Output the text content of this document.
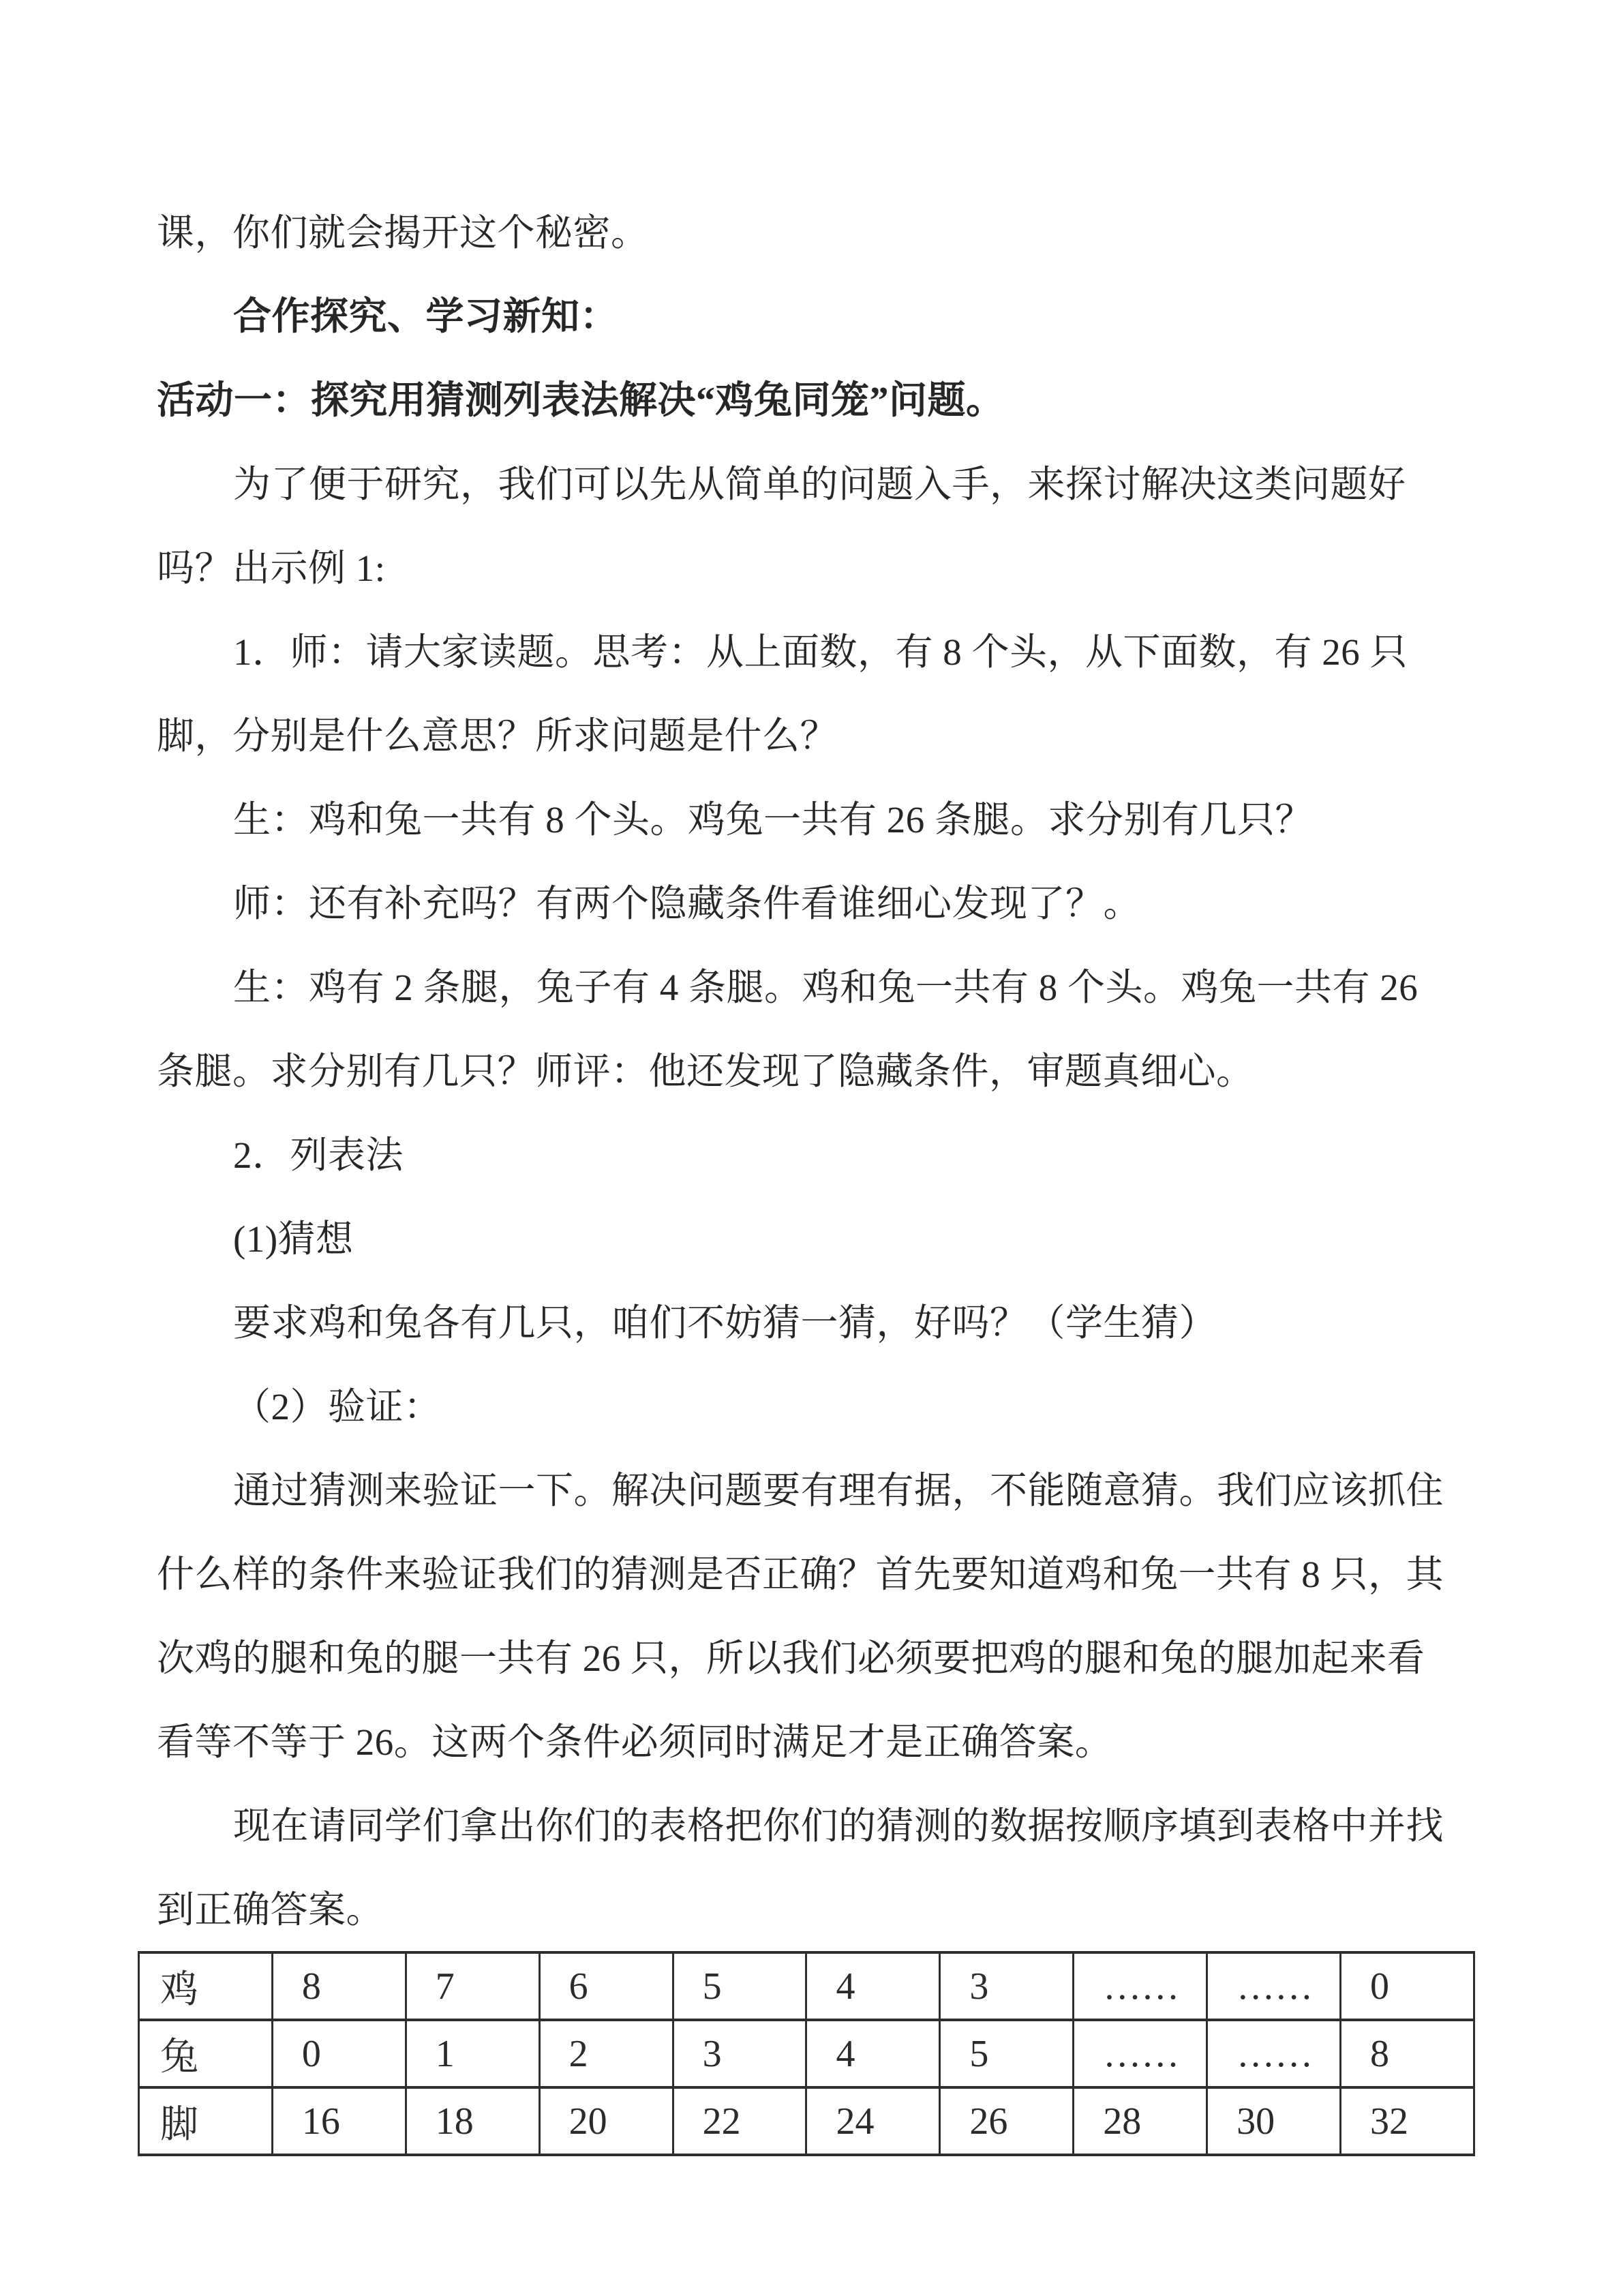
课，你们就会揭开这个秘密。
合作探究、学习新知：
活动一：探究用猜测列表法解决“鸡兔同笼”问题。
为了便于研究，我们可以先从简单的问题入手，来探讨解决这类问题好
吗？出示例 1:
1．师：请大家读题。思考：从上面数，有 8 个头，从下面数，有 26 只
脚，分别是什么意思？所求问题是什么？
生：鸡和兔一共有 8 个头。鸡兔一共有 26 条腿。求分别有几只？
师：还有补充吗？有两个隐藏条件看谁细心发现了？。
生：鸡有 2 条腿，兔子有 4 条腿。鸡和兔一共有 8 个头。鸡兔一共有 26
条腿。求分别有几只？师评：他还发现了隐藏条件，审题真细心。
2．列表法
(1)猜想
要求鸡和兔各有几只，咱们不妨猜一猜，好吗？（学生猜）
（2）验证：
通过猜测来验证一下。解决问题要有理有据，不能随意猜。我们应该抓住
什么样的条件来验证我们的猜测是否正确？首先要知道鸡和兔一共有 8 只，其
次鸡的腿和兔的腿一共有 26 只，所以我们必须要把鸡的腿和兔的腿加起来看
看等不等于 26。这两个条件必须同时满足才是正确答案。
现在请同学们拿出你们的表格把你们的猜测的数据按顺序填到表格中并找
到正确答案。
鸡	8	7	6	5	4	3	……	……	0
兔	0	1	2	3	4	5	……	……	8
脚	16	18	20	22	24	26	28	30	32
